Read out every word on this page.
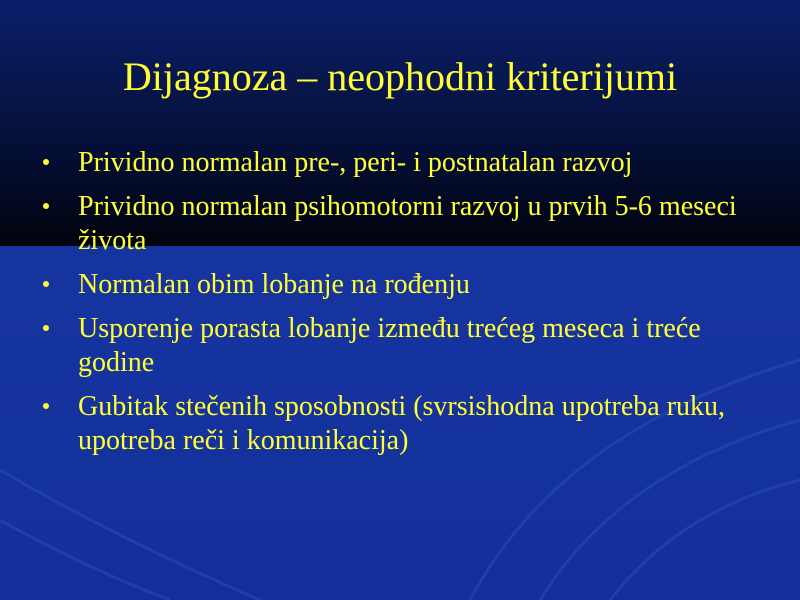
Dijagnoza – neophodni kriterijumi
Prividno normalan pre-, peri- i postnatalan razvoj
Prividno normalan psihomotorni razvoj u prvih 5-6 meseci života
Normalan obim lobanje na rođenju
Usporenje porasta lobanje između trećeg meseca i treće godine
Gubitak stečenih sposobnosti (svrsishodna upotreba ruku, upotreba reči i komunikacija)
